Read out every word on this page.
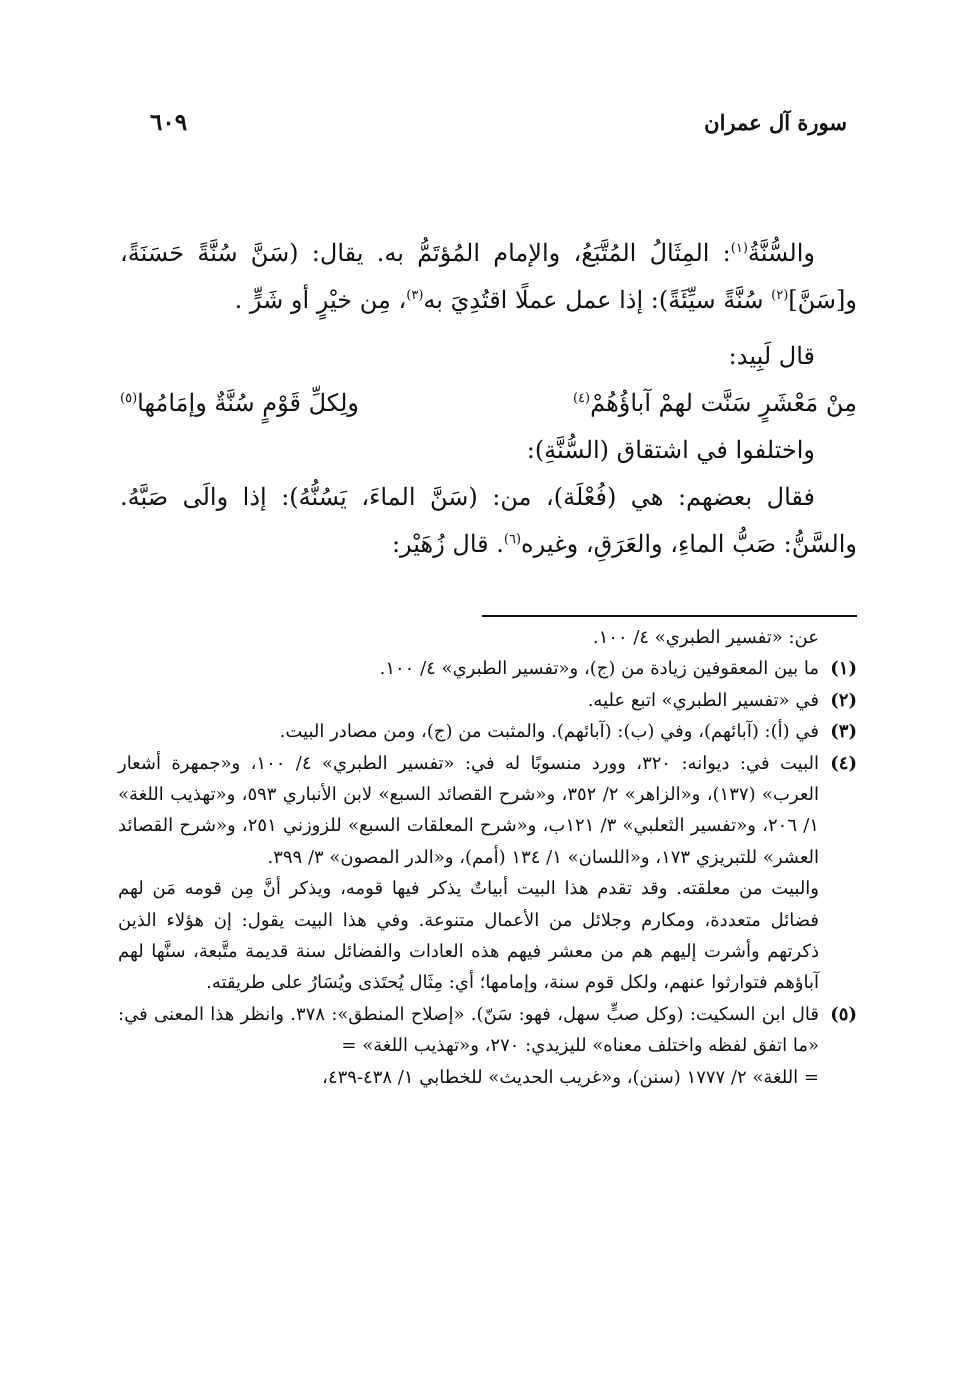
سورة آل عمران
٦٠٩

والسُّنَّةُ$^{(١)}$: المِثَالُ المُتَّبَعُ، والإمام المُؤتَمُّ به. يقال: (سَنَّ سُنَّةً حَسَنَةً، و[سَنَّ]$^{(٢)}$ سُنَّةً سيِّئَةً): إذا عمل عملًا اقتُدِيَ به$^{(٣)}$، مِن خيْرٍ أو شَرٍّ .

قال لَبِيد:

مِنْ مَعْشَرٍ سَنَّت لهمْ آباؤُهُمْ$^{(٤)}$
ولِكلِّ قَوْمٍ سُنَّةٌ وإمَامُها$^{(٥)}$

واختلفوا في اشتقاق (السُّنَّةِ):

فقال بعضهم: هي (فُعْلَة)، من: (سَنَّ الماءَ، يَسُنُّهُ): إذا والَى صَبَّهُ. والسَّنُّ: صَبُّ الماءِ، والعَرَقِ، وغيره$^{(٦)}$. قال زُهَيْر:

عن: «تفسير الطبري» ٤/ ١٠٠.
(١)

ما بين المعقوفين زيادة من (ج)، و«تفسير الطبري» ٤/ ١٠٠.

(٢)

في «تفسير الطبري» اتبع عليه.

(٣)

في (أ): (آبائهم)، وفي (ب): (آبائهم). والمثبت من (ج)، ومن مصادر البيت.

(٤)

البيت في: ديوانه: ٣٢٠، وورد منسوبًا له في: «تفسير الطبري» ٤/ ١٠٠، و«جمهرة أشعار العرب» (١٣٧)، و«الزاهر» ٢/ ٣٥٢، و«شرح القصائد السبع» لابن الأنباري ٥٩٣، و«تهذيب اللغة» ١/ ٢٠٦، و«تفسير الثعلبي» ٣/ ١٢١ب، و«شرح المعلقات السبع» للزوزني ٢٥١، و«شرح القصائد العشر» للتبريزي ١٧٣، و«اللسان» ١/ ١٣٤ (أمم)، و«الدر المصون» ٣/ ٣٩٩.

والبيت من معلقته. وقد تقدم هذا البيت أبياتٌ يذكر فيها قومه، ويذكر أنَّ مِن قومه مَن لهم فضائل متعددة، ومكارم وجلائل من الأعمال متنوعة. وفي هذا البيت يقول: إن هؤلاء الذين ذكرتهم وأشرت إليهم هم من معشر فيهم هذه العادات والفضائل سنة قديمة متَّبعة، سنَّها لهم آباؤهم فتوارثوا عنهم، ولكل قوم سنة، وإمامها؛ أي: مِثَال يُحتَذى ويُسَارُ على طريقته.
(٥)

قال ابن السكيت: (وكل صبٍّ سهل، فهو: سَنّ). «إصلاح المنطق»: ٣٧٨. وانظر هذا المعنى في: «ما اتفق لفظه واختلف معناه» لليزيدي: ٢٧٠، و«تهذيب اللغة» =

= اللغة» ٢/ ١٧٧٧ (سنن)، و«غريب الحديث» للخطابي ١/ ٤٣٨-٤٣٩،
